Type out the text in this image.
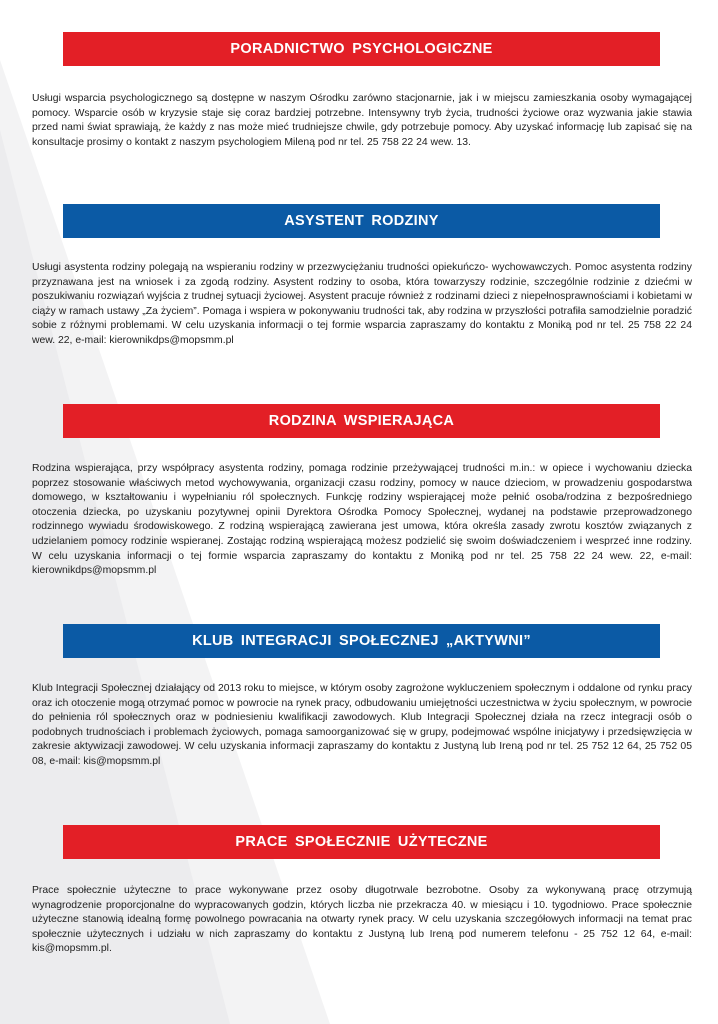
PORADNICTWO PSYCHOLOGICZNE

Usługi wsparcia psychologicznego są dostępne w naszym Ośrodku zarówno stacjonarnie, jak i w miejscu zamieszkania osoby wymagającej pomocy. Wsparcie osób w kryzysie staje się coraz bardziej potrzebne. Intensywny tryb życia, trudności życiowe oraz wyzwania jakie stawia przed nami świat sprawiają, że każdy z nas może mieć trudniejsze chwile, gdy potrzebuje pomocy. Aby uzyskać informację lub zapisać się na konsultacje prosimy o kontakt z naszym psychologiem Mileną pod nr tel. 25 758 22 24 wew. 13.

ASYSTENT RODZINY

Usługi asystenta rodziny polegają na wspieraniu rodziny w przezwyciężaniu trudności opiekuńczo- wychowawczych. Pomoc asystenta rodziny przyznawana jest na wniosek i za zgodą rodziny. Asystent rodziny to osoba, która towarzyszy rodzinie, szczególnie rodzinie z dziećmi w poszukiwaniu rozwiązań wyjścia z trudnej sytuacji życiowej. Asystent pracuje również z rodzinami dzieci z niepełnosprawnościami i kobietami w ciąży w ramach ustawy „Za życiem”. Pomaga i wspiera w pokonywaniu trudności tak, aby rodzina w przyszłości potrafiła samodzielnie poradzić sobie z różnymi problemami. W celu uzyskania informacji o tej formie wsparcia zapraszamy do kontaktu z Moniką pod nr tel. 25 758 22 24 wew. 22, e-mail: kierownikdps@mopsmm.pl

RODZINA WSPIERAJĄCA

Rodzina wspierająca, przy współpracy asystenta rodziny, pomaga rodzinie przeżywającej trudności m.in.: w opiece i wychowaniu dziecka poprzez stosowanie właściwych metod wychowywania, organizacji czasu rodziny, pomocy w nauce dzieciom, w prowadzeniu gospodarstwa domowego, w kształtowaniu i wypełnianiu ról społecznych. Funkcję rodziny wspierającej może pełnić osoba/rodzina z bezpośredniego otoczenia dziecka, po uzyskaniu pozytywnej opinii Dyrektora Ośrodka Pomocy Społecznej, wydanej na podstawie przeprowadzonego rodzinnego wywiadu środowiskowego. Z rodziną wspierającą zawierana jest umowa, która określa zasady zwrotu kosztów związanych z udzielaniem pomocy rodzinie wspieranej. Zostając rodziną wspierającą możesz podzielić się swoim doświadczeniem i wesprzeć inne rodziny. W celu uzyskania informacji o tej formie wsparcia zapraszamy do kontaktu z Moniką pod nr tel. 25 758 22 24 wew. 22, e-mail: kierownikdps@mopsmm.pl

KLUB INTEGRACJI SPOŁECZNEJ „AKTYWNI”

Klub Integracji Społecznej działający od 2013 roku to miejsce, w którym osoby zagrożone wykluczeniem społecznym i oddalone od rynku pracy oraz ich otoczenie mogą otrzymać pomoc w powrocie na rynek pracy, odbudowaniu umiejętności uczestnictwa w życiu społecznym, w powrocie do pełnienia ról społecznych oraz w podniesieniu kwalifikacji zawodowych. Klub Integracji Społecznej działa na rzecz integracji osób o podobnych trudnościach i problemach życiowych, pomaga samoorganizować się w grupy, podejmować wspólne inicjatywy i przedsięwzięcia w zakresie aktywizacji zawodowej. W celu uzyskania informacji zapraszamy do kontaktu z Justyną lub Ireną pod nr tel. 25 752 12 64, 25 752 05 08, e-mail: kis@mopsmm.pl

PRACE SPOŁECZNIE UŻYTECZNE

Prace społecznie użyteczne to prace wykonywane przez osoby długotrwale bezrobotne. Osoby za wykonywaną pracę otrzymują wynagrodzenie proporcjonalne do wypracowanych godzin, których liczba nie przekracza 40. w miesiącu i 10. tygodniowo. Prace społecznie użyteczne stanowią idealną formę powolnego powracania na otwarty rynek pracy. W celu uzyskania szczegółowych informacji na temat prac społecznie użytecznych i udziału w nich zapraszamy do kontaktu z Justyną lub Ireną pod numerem telefonu - 25 752 12 64, e-mail: kis@mopsmm.pl.
